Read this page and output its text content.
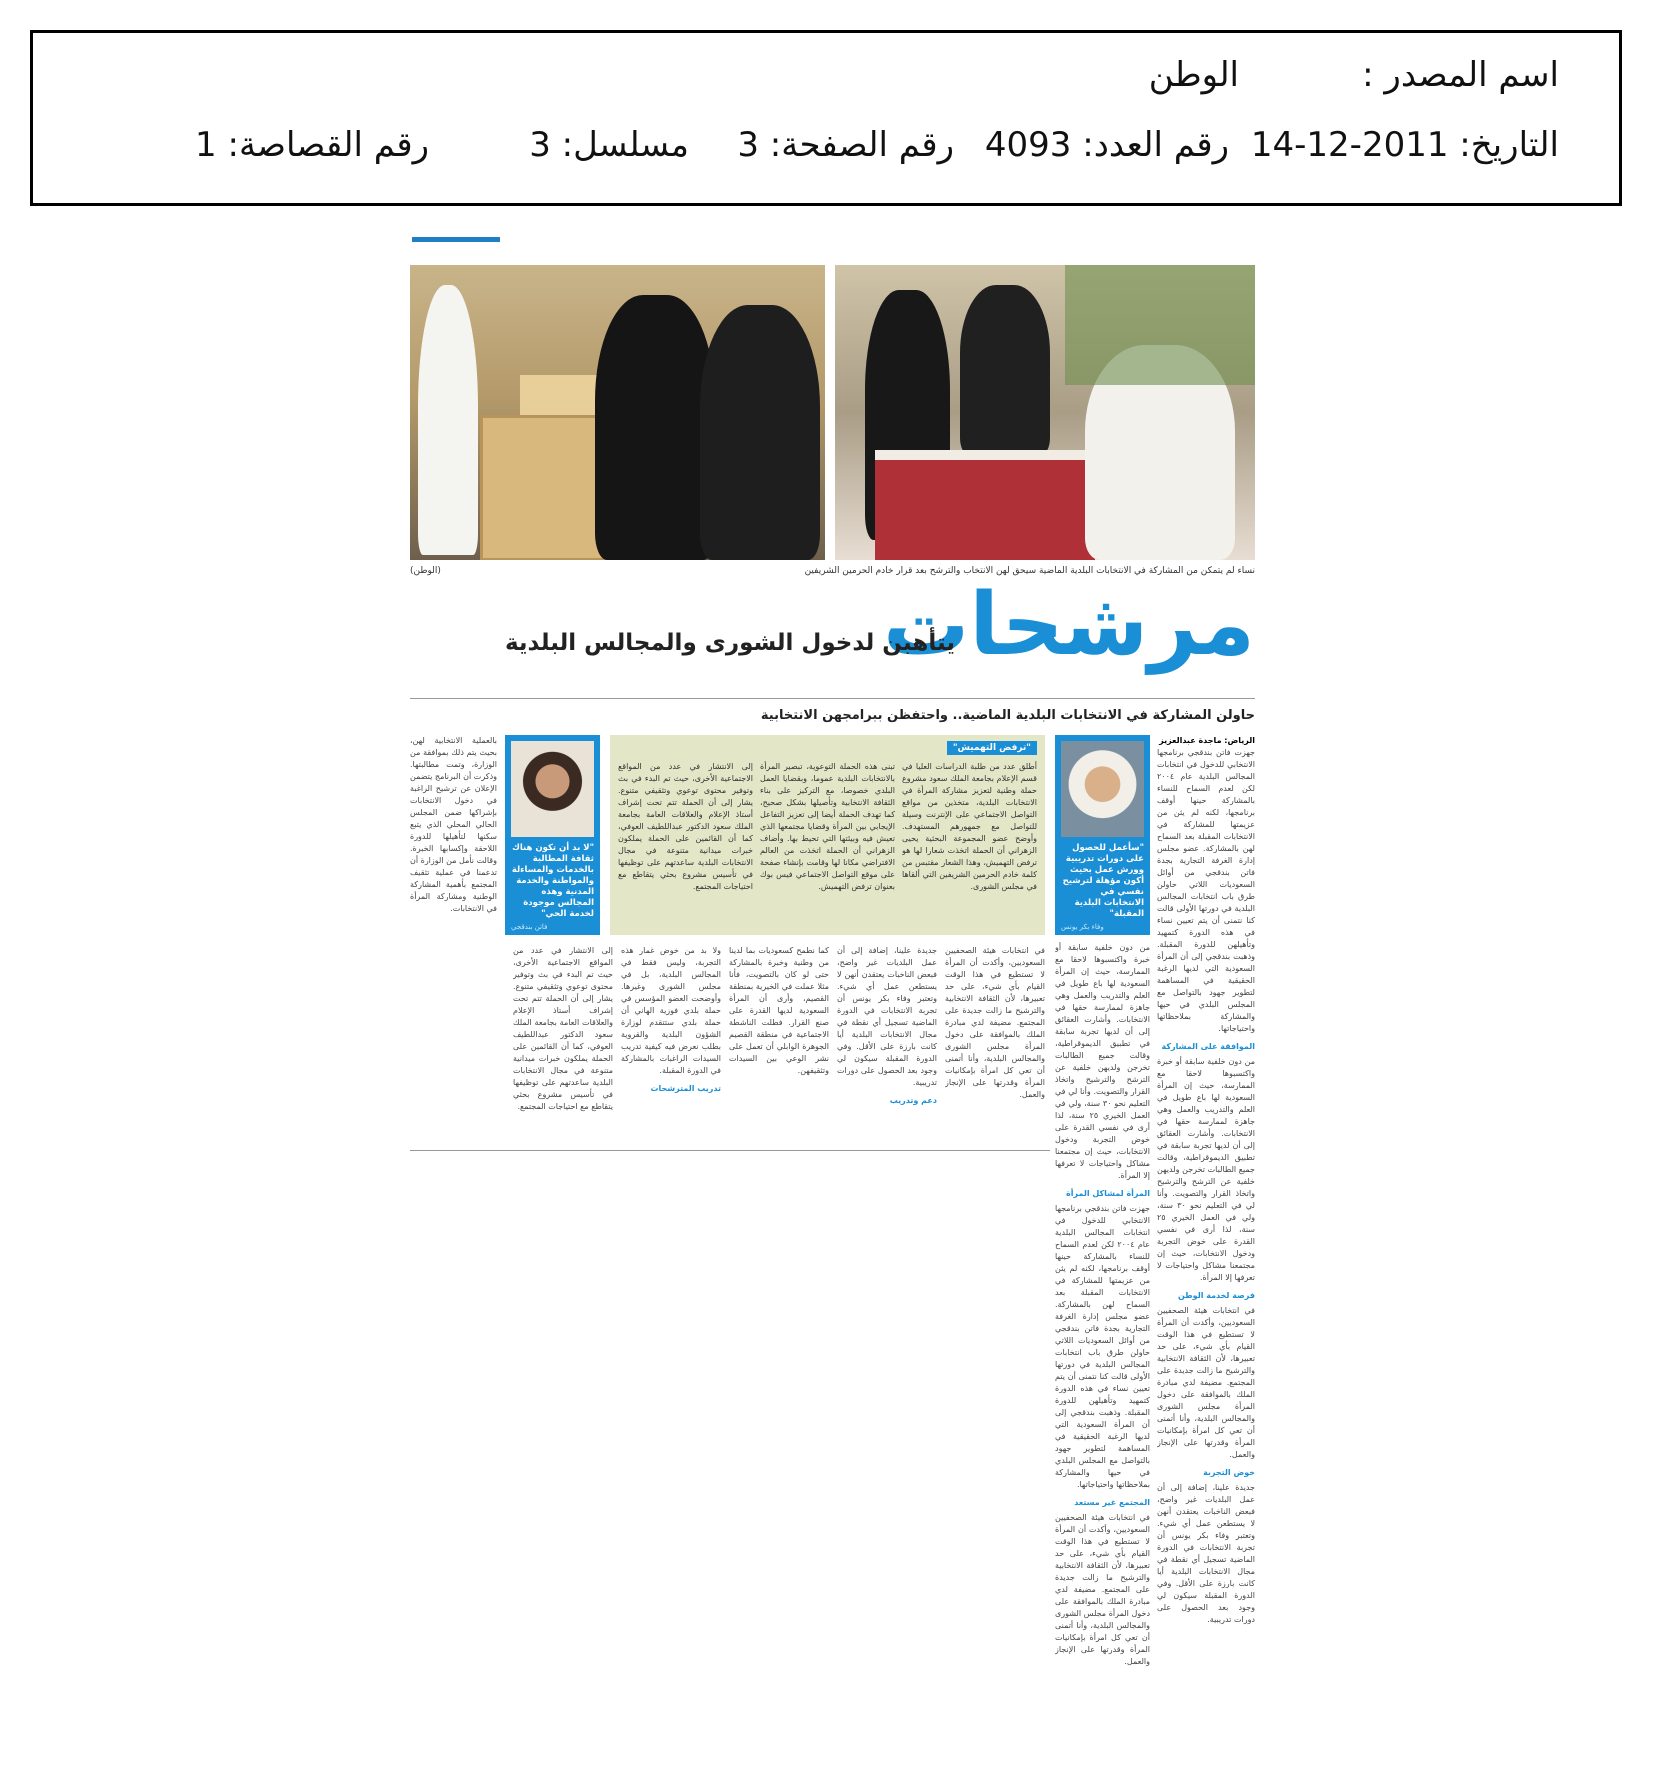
اسم المصدر :
الوطن
التاريخ: 2011-12-14
رقم العدد: 4093
رقم الصفحة: 3
مسلسل: 3
رقم القصاصة: 1
نساء لم يتمكن من المشاركة في الانتخابات البلدية الماضية سيحق لهن الانتخاب والترشح بعد قرار خادم الحرمين الشريفين
(الوطن)
مرشحات
يتأهبن لدخول الشورى والمجالس البلدية
حاولن المشاركة في الانتخابات البلدية الماضية.. واحتفظن ببرامجهن الانتخابية
الرياض: ماجدة عبدالعزيز

جهزت فاتن بندقجي برنامجها الانتخابي للدخول في انتخابات المجالس البلدية عام ٢٠٠٤ لكن لعدم السماح للنساء بالمشاركة حينها أوقف برنامجها، لكنه لم يثن من عزيمتها للمشاركة في الانتخابات المقبلة بعد السماح لهن بالمشاركة. عضو مجلس إدارة الغرفة التجارية بجدة فاتن بندقجي من أوائل السعوديات اللاتي حاولن طرق باب انتخابات المجالس البلدية في دورتها الأولى قالت كنا نتمنى أن يتم تعيين نساء في هذه الدورة كتمهيد وتأهيلهن للدورة المقبلة. وذهبت بندقجي إلى أن المرأة السعودية التي لديها الرغبة الحقيقية في المساهمة لتطوير جهود بالتواصل مع المجلس البلدي في حيها والمشاركة بملاحظاتها واحتياجاتها.

الموافقة على المشاركة

من دون خلفية سابقة أو خبرة واكتسبوها لاحقا مع الممارسة، حيث إن المرأة السعودية لها باع طويل في العلم والتدريب والعمل وهي جاهزة لممارسة حقها في الانتخابات. وأشارت العقائق إلى أن لديها تجربة سابقة في تطبيق الديموقراطية، وقالت جميع الطالبات تخرجن ولديهن خلفية عن الترشح والترشيح واتخاذ القرار والتصويت. وأنا لي في التعليم نحو ٣٠ سنة، ولي في العمل الخيري ٢٥ سنة، لذا أرى في نفسي القدرة على خوض التجربة ودخول الانتخابات، حيث إن مجتمعنا مشاكل واحتياجات لا تعرفها إلا المرأة.

فرصة لخدمة الوطن

في انتخابات هيئة الصحفيين السعوديين، وأكدت أن المرأة لا تستطيع في هذا الوقت القيام بأي شيء، على حد تعبيرها، لأن الثقافة الانتخابية والترشيح ما زالت جديدة على المجتمع. مضيفة لدي مبادرة الملك بالموافقة على دخول المرأة مجلس الشورى والمجالس البلدية، وأنا أتمنى أن تعي كل امرأة بإمكانيات المرأة وقدرتها على الإنجاز والعمل.

خوض التجربة

جديدة علينا، إضافة إلى أن عمل البلديات غير واضح، فبعض الناخبات يعتقدن أنهن لا يستطعن عمل أي شيء. وتعتبر وفاء بكر يونس أن تجربة الانتخابات في الدورة الماضية تسجيل أي نقطة في مجال الانتخابات البلدية أيا كانت بارزة على الأقل. وفي الدورة المقبلة سيكون لي وجود بعد الحصول على دورات تدريبية.

"سأعمل للحصول على دورات تدريبية وورش عمل بحيث أكون مؤهلة لترشيح نفسي في الانتخابات البلدية المقبلة"
وفاء بكر يونس

من دون خلفية سابقة أو خبرة واكتسبوها لاحقا مع الممارسة، حيث إن المرأة السعودية لها باع طويل في العلم والتدريب والعمل وهي جاهزة لممارسة حقها في الانتخابات. وأشارت العقائق إلى أن لديها تجربة سابقة في تطبيق الديموقراطية، وقالت جميع الطالبات تخرجن ولديهن خلفية عن الترشح والترشيح واتخاذ القرار والتصويت. وأنا لي في التعليم نحو ٣٠ سنة، ولي في العمل الخيري ٢٥ سنة، لذا أرى في نفسي القدرة على خوض التجربة ودخول الانتخابات، حيث إن مجتمعنا مشاكل واحتياجات لا تعرفها إلا المرأة.

المرأة لمشاكل المرأة

جهزت فاتن بندقجي برنامجها الانتخابي للدخول في انتخابات المجالس البلدية عام ٢٠٠٤ لكن لعدم السماح للنساء بالمشاركة حينها أوقف برنامجها، لكنه لم يثن من عزيمتها للمشاركة في الانتخابات المقبلة بعد السماح لهن بالمشاركة. عضو مجلس إدارة الغرفة التجارية بجدة فاتن بندقجي من أوائل السعوديات اللاتي حاولن طرق باب انتخابات المجالس البلدية في دورتها الأولى قالت كنا نتمنى أن يتم تعيين نساء في هذه الدورة كتمهيد وتأهيلهن للدورة المقبلة. وذهبت بندقجي إلى أن المرأة السعودية التي لديها الرغبة الحقيقية في المساهمة لتطوير جهود بالتواصل مع المجلس البلدي في حيها والمشاركة بملاحظاتها واحتياجاتها.

المجتمع غير مستعد

في انتخابات هيئة الصحفيين السعوديين، وأكدت أن المرأة لا تستطيع في هذا الوقت القيام بأي شيء، على حد تعبيرها، لأن الثقافة الانتخابية والترشيح ما زالت جديدة على المجتمع. مضيفة لدي مبادرة الملك بالموافقة على دخول المرأة مجلس الشورى والمجالس البلدية، وأنا أتمنى أن تعي كل امرأة بإمكانيات المرأة وقدرتها على الإنجاز والعمل.

"ترفض التهميش"

أطلق عدد من طلبة الدراسات العليا في قسم الإعلام بجامعة الملك سعود مشروع حملة وطنية لتعزيز مشاركة المرأة في الانتخابات البلدية، متخذين من مواقع التواصل الاجتماعي على الإنترنت وسيلة للتواصل مع جمهورهم المستهدف. وأوضح عضو المجموعة البحثية يحيى الزهراني أن الحملة اتخذت شعارا لها هو ترفض التهميش، وهذا الشعار مقتبس من كلمة خادم الحرمين الشريفين التي ألقاها في مجلس الشورى.

تبنى هذه الحملة التوعوية، تبصير المرأة بالانتخابات البلدية عموما، وبقضايا العمل البلدي خصوصا، مع التركيز على بناء الثقافة الانتخابية وتأصيلها بشكل صحيح، كما تهدف الحملة أيضا إلى تعزيز التفاعل الإيجابي بين المرأة وقضايا مجتمعها الذي تعيش فيه وبيئتها التي تحيط بها. وأضاف الزهراني أن الحملة اتخذت من العالم الافتراضي مكانا لها وقامت بإنشاء صفحة على موقع التواصل الاجتماعي فيس بوك بعنوان ترفض التهميش.

إلى الانتشار في عدد من المواقع الاجتماعية الأخرى، حيث تم البدء في بث وتوفير محتوى توعوي وتثقيفي متنوع. يشار إلى أن الحملة تتم تحت إشراف أستاذ الإعلام والعلاقات العامة بجامعة الملك سعود الدكتور عبداللطيف العوفي، كما أن القائمين على الحملة يملكون خبرات ميدانية متنوعة في مجال الانتخابات البلدية ساعدتهم على توظيفها في تأسيس مشروع بحثي يتقاطع مع احتياجات المجتمع.

"لا بد أن تكون هناك ثقافة المطالبة بالخدمات والمساءلة والمواطنة والخدمة المدنية وهذه المجالس موجودة لخدمة الحي"
فاتن بندقجي

بالعملية الانتخابية لهن، بحيث يتم ذلك بموافقة من الوزارة، وتمت مطالبتها. وذكرت أن البرنامج يتضمن الإعلان عن ترشيح الراغبة في دخول الانتخابات بإشراكها ضمن المجلس الحالي المحلي الذي يتبع سكنها لتأهيلها للدورة اللاحقة وإكسابها الخبرة. وقالت نأمل من الوزارة أن تدعمنا في عملية تثقيف المجتمع بأهمية المشاركة الوطنية ومشاركة المرأة في الانتخابات.

في انتخابات هيئة الصحفيين السعوديين، وأكدت أن المرأة لا تستطيع في هذا الوقت القيام بأي شيء، على حد تعبيرها، لأن الثقافة الانتخابية والترشيح ما زالت جديدة على المجتمع. مضيفة لدي مبادرة الملك بالموافقة على دخول المرأة مجلس الشورى والمجالس البلدية، وأنا أتمنى أن تعي كل امرأة بإمكانيات المرأة وقدرتها على الإنجاز والعمل.

جديدة علينا، إضافة إلى أن عمل البلديات غير واضح، فبعض الناخبات يعتقدن أنهن لا يستطعن عمل أي شيء. وتعتبر وفاء بكر يونس أن تجربة الانتخابات في الدورة الماضية تسجيل أي نقطة في مجال الانتخابات البلدية أيا كانت بارزة على الأقل. وفي الدورة المقبلة سيكون لي وجود بعد الحصول على دورات تدريبية.

دعم وتدريب

كما نطمح كسعوديات بما لدينا من وطنية وخبرة بالمشاركة حتى لو كان بالتصويت، فأنا مثلا عملت في الخيرية بمنطقة القصيم، وأرى أن المرأة السعودية لديها القدرة على صنع القرار. فطلت الناشطة الاجتماعية في منطقة القصيم الجوهرة الوابلي أن تعمل على نشر الوعي بين السيدات وتثقيفهن.

ولا بد من خوض غمار هذه التجربة، وليس فقط في المجالس البلدية، بل في مجلس الشورى وغيرها. وأوضحت العضو المؤسس في حملة بلدي فوزية الهاني أن حملة بلدي ستتقدم لوزارة الشؤون البلدية والقروية بطلب نعرض فيه كيفية تدريب السيدات الراغبات بالمشاركة في الدورة المقبلة.

تدريب المترشحات

إلى الانتشار في عدد من المواقع الاجتماعية الأخرى، حيث تم البدء في بث وتوفير محتوى توعوي وتثقيفي متنوع. يشار إلى أن الحملة تتم تحت إشراف أستاذ الإعلام والعلاقات العامة بجامعة الملك سعود الدكتور عبداللطيف العوفي، كما أن القائمين على الحملة يملكون خبرات ميدانية متنوعة في مجال الانتخابات البلدية ساعدتهم على توظيفها في تأسيس مشروع بحثي يتقاطع مع احتياجات المجتمع.
